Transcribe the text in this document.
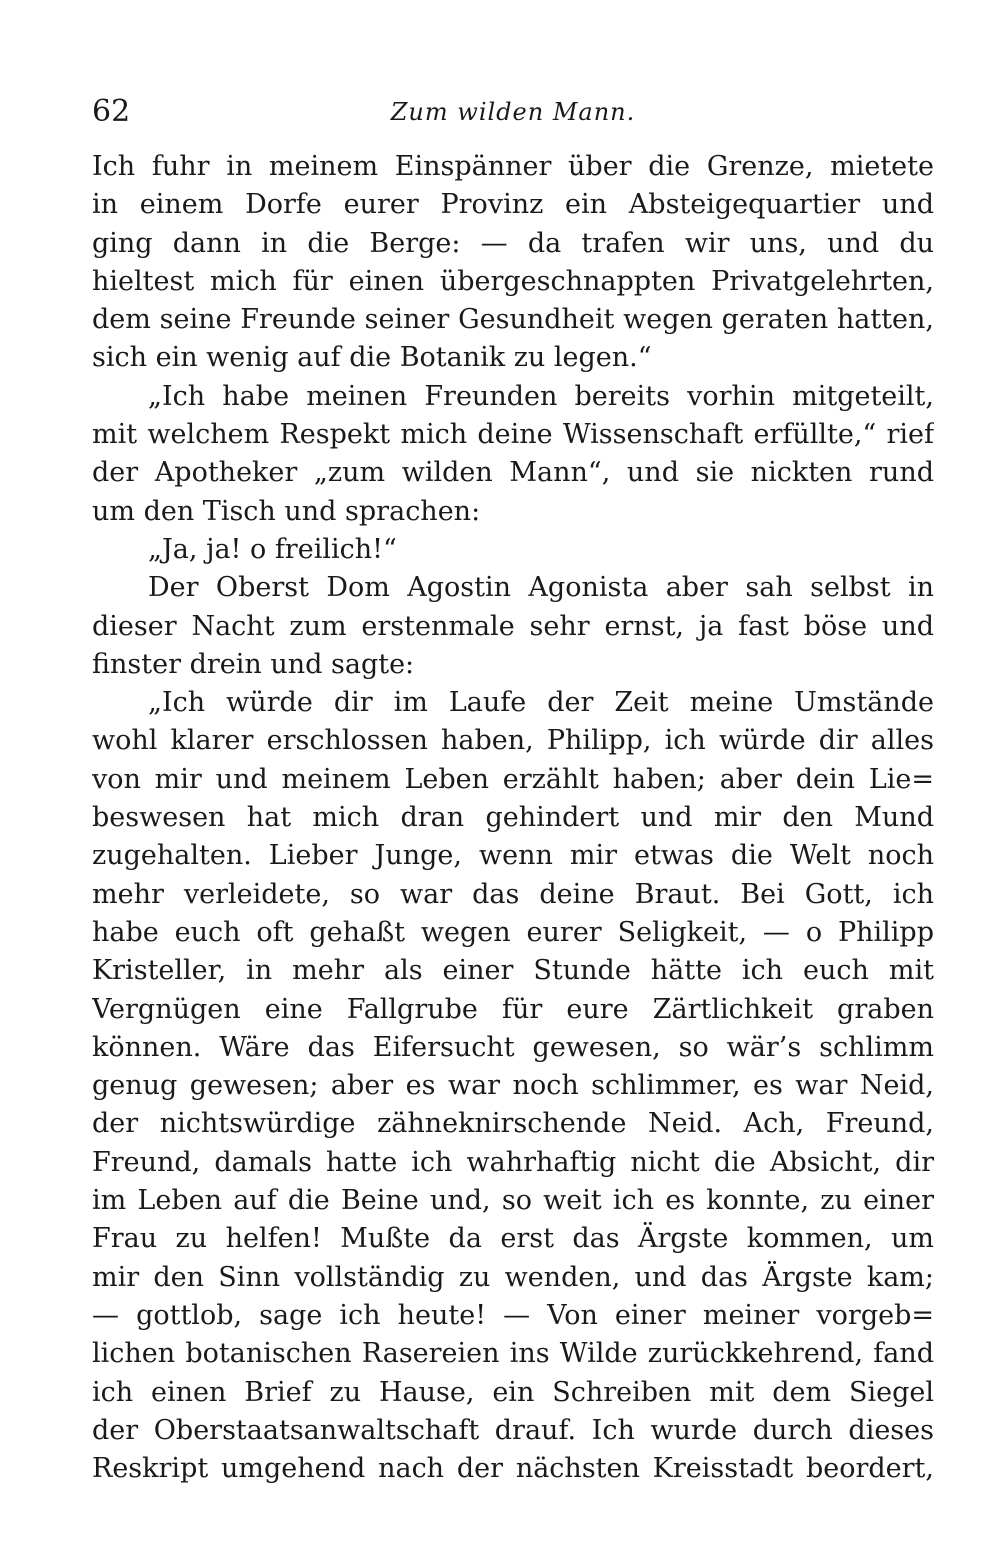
62	Zum wilden Mann.
Ich fuhr in meinem Einspänner über die Grenze, mietete
in einem Dorfe eurer Provinz ein Absteigequartier und
ging dann in die Berge: — da trafen wir uns, und du
hieltest mich für einen übergeschnappten Privatgelehrten,
dem seine Freunde seiner Gesundheit wegen geraten hatten,
sich ein wenig auf die Botanik zu legen.“
„Ich habe meinen Freunden bereits vorhin mitgeteilt,
mit welchem Respekt mich deine Wissenschaft erfüllte,“ rief
der Apotheker „zum wilden Mann“, und sie nickten rund
um den Tisch und sprachen:
„Ja, ja! o freilich!“
Der Oberst Dom Agostin Agonista aber sah selbst in
dieser Nacht zum erstenmale sehr ernst, ja fast böse und
finster drein und sagte:
„Ich würde dir im Laufe der Zeit meine Umstände
wohl klarer erschlossen haben, Philipp, ich würde dir alles
von mir und meinem Leben erzählt haben; aber dein Lie=
beswesen hat mich dran gehindert und mir den Mund
zugehalten. Lieber Junge, wenn mir etwas die Welt noch
mehr verleidete, so war das deine Braut. Bei Gott, ich
habe euch oft gehaßt wegen eurer Seligkeit, — o Philipp
Kristeller, in mehr als einer Stunde hätte ich euch mit
Vergnügen eine Fallgrube für eure Zärtlichkeit graben
können. Wäre das Eifersucht gewesen, so wär’s schlimm
genug gewesen; aber es war noch schlimmer, es war Neid,
der nichtswürdige zähneknirschende Neid. Ach, Freund,
Freund, damals hatte ich wahrhaftig nicht die Absicht, dir
im Leben auf die Beine und, so weit ich es konnte, zu einer
Frau zu helfen! Mußte da erst das Ärgste kommen, um
mir den Sinn vollständig zu wenden, und das Ärgste kam;
— gottlob, sage ich heute! — Von einer meiner vorgeb=
lichen botanischen Rasereien ins Wilde zurückkehrend, fand
ich einen Brief zu Hause, ein Schreiben mit dem Siegel
der Oberstaatsanwaltschaft drauf. Ich wurde durch dieses
Reskript umgehend nach der nächsten Kreisstadt beordert,
